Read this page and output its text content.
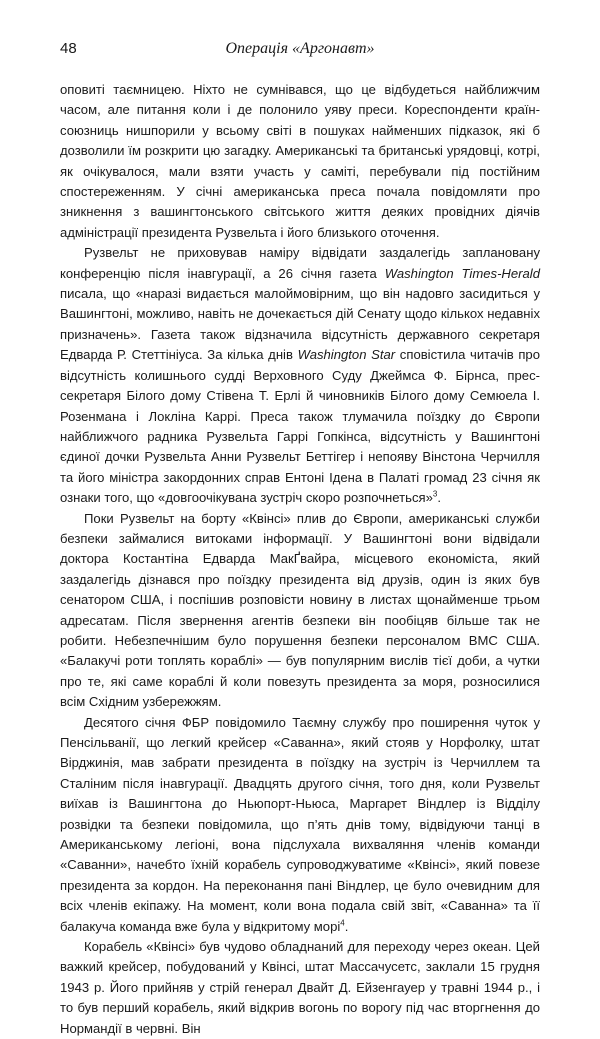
48	Операція «Аргонавт»

оповиті таємницею. Ніхто не сумнівався, що це відбудеться найближчим часом, але питання коли і де полонило уяву преси. Кореспонденти країн-союзниць нишпорили у всьому світі в пошуках найменших підказок, які б дозволили їм розкрити цю загадку. Американські та британські урядовці, котрі, як очікувалося, мали взяти участь у саміті, перебували під постійним спостереженням. У січні американська преса почала повідомляти про зникнення з вашингтонського світського життя деяких провідних діячів адміністрації президента Рузвельта і його близького оточення.

Рузвельт не приховував наміру відвідати заздалегідь заплановану конференцію після інавгурації, а 26 січня газета Washington Times-Herald писала, що «наразі видається малоймовірним, що він надовго засидиться у Вашингтоні, можливо, навіть не дочекається дій Сенату щодо кількох недавніх призначень». Газета також відзначила відсутність державного секретаря Едварда Р. Стеттініуса. За кілька днів Washington Star сповістила читачів про відсутність колишнього судді Верховного Суду Джеймса Ф. Бірнса, прес-секретаря Білого дому Стівена Т. Ерлі й чиновників Білого дому Семюела І. Розенмана і Локліна Каррі. Преса також тлумачила поїздку до Європи найближчого радника Рузвельта Гаррі Гопкінса, відсутність у Вашингтоні єдиної дочки Рузвельта Анни Рузвельт Беттігер і непояву Вінстона Черчилля та його міністра закордонних справ Ентоні Ідена в Палаті громад 23 січня як ознаки того, що «довгоочікувана зустріч скоро розпочнеться»$^3$.

Поки Рузвельт на борту «Квінсі» плив до Європи, американські служби безпеки займалися витоками інформації. У Вашингтоні вони відвідали доктора Костантіна Едварда МакҐвайра, місцевого економіста, який заздалегідь дізнався про поїздку президента від друзів, один із яких був сенатором США, і поспішив розповісти новину в листах щонайменше трьом адресатам. Після звернення агентів безпеки він пообіцяв більше так не робити. Небезпечнішим було порушення безпеки персоналом ВМС США. «Балакучі роти топлять кораблі» — був популярним вислів тієї доби, а чутки про те, які саме кораблі й коли повезуть президента за моря, розносилися всім Східним узбережжям.

Десятого січня ФБР повідомило Таємну службу про поширення чуток у Пенсільванії, що легкий крейсер «Саванна», який стояв у Норфолку, штат Вірджинія, мав забрати президента в поїздку на зустріч із Черчиллем та Сталіним після інавгурації. Двадцять другого січня, того дня, коли Рузвельт виїхав із Вашингтона до Ньюпорт-Ньюса, Маргарет Віндлер із Відділу розвідки та безпеки повідомила, що п’ять днів тому, відвідуючи танці в Американському легіоні, вона підслухала вихваляння членів команди «Саванни», начебто їхній корабель супроводжуватиме «Квінсі», який повезе президента за кордон. На переконання пані Віндлер, це було очевидним для всіх членів екіпажу. На момент, коли вона подала свій звіт, «Саванна» та її балакуча команда вже була у відкритому морі$^4$.

Корабель «Квінсі» був чудово обладнаний для переходу через океан. Цей важкий крейсер, побудований у Квінсі, штат Массачусетс, заклали 15 грудня 1943 р. Його прийняв у стрій генерал Двайт Д. Ейзенгауер у травні 1944 р., і то був перший корабель, який відкрив вогонь по ворогу під час вторгнення до Нормандії в червні. Він
